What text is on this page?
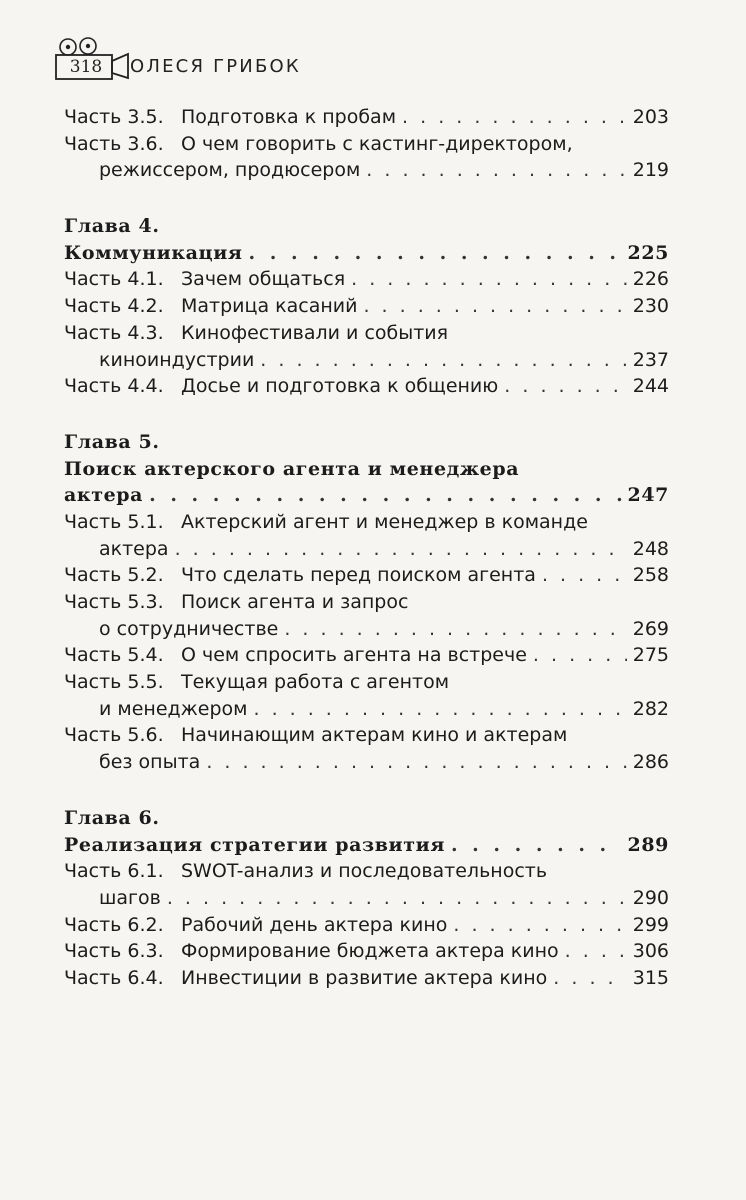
318	ОЛЕСЯ ГРИБОК
Часть 3.5. Подготовка к пробам . . .	203
Часть 3.6. О чем говорить с кастинг-директором,
режиссером, продюсером . . .	219
Глава 4.
Коммуникация . . .	225
Часть 4.1. Зачем общаться . . .	226
Часть 4.2. Матрица касаний . . .	230
Часть 4.3. Кинофестивали и события
киноиндустрии . . .	237
Часть 4.4. Досье и подготовка к общению . . .	244
Глава 5.
Поиск актерского агента и менеджера
актера . . .	247
Часть 5.1. Актерский агент и менеджер в команде
актера . . .	248
Часть 5.2. Что сделать перед поиском агента . . .	258
Часть 5.3. Поиск агента и запрос
о сотрудничестве . . .	269
Часть 5.4. О чем спросить агента на встрече . . .	275
Часть 5.5. Текущая работа с агентом
и менеджером . . .	282
Часть 5.6. Начинающим актерам кино и актерам
без опыта . . .	286
Глава 6.
Реализация стратегии развития . . .	289
Часть 6.1. SWOT-анализ и последовательность
шагов . . .	290
Часть 6.2. Рабочий день актера кино . . .	299
Часть 6.3. Формирование бюджета актера кино . . .	306
Часть 6.4. Инвестиции в развитие актера кино . . .	315
